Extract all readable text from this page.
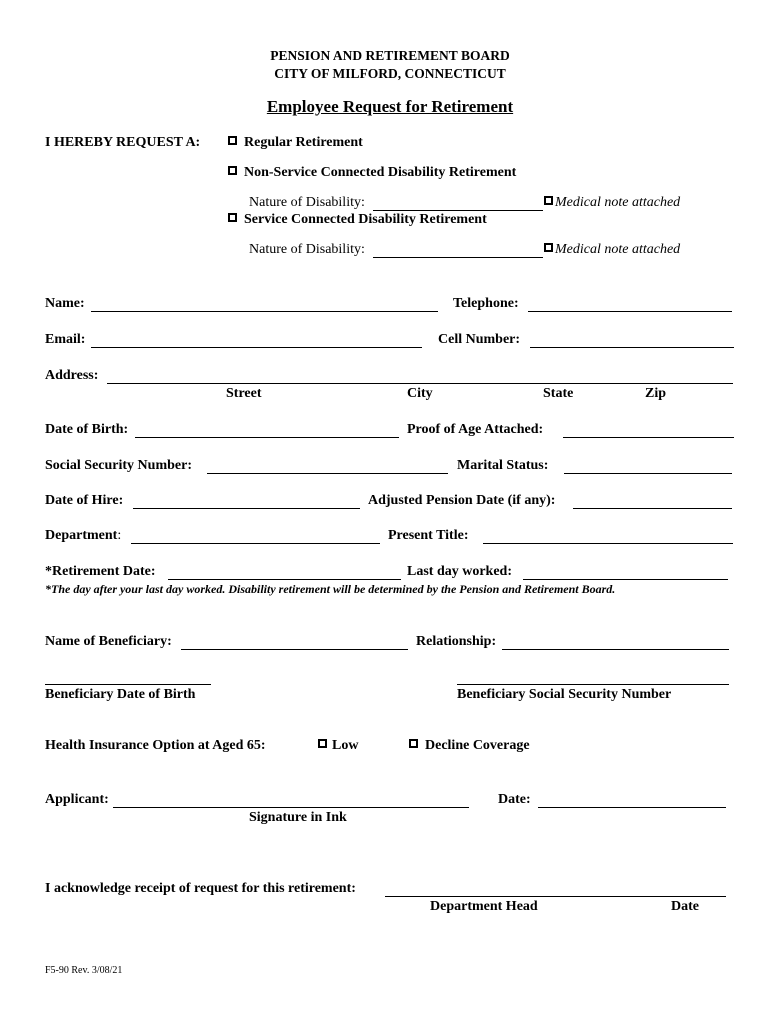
PENSION AND RETIREMENT BOARD
CITY OF MILFORD, CONNECTICUT
Employee Request for Retirement
I HEREBY REQUEST A:	Regular Retirement
Non-Service Connected Disability Retirement
Nature of Disability:	Medical note attached
Service Connected Disability Retirement
Nature of Disability:	Medical note attached
Name:	Telephone:
Email:	Cell Number:
Address:
Street	City	State	Zip
Date of Birth:	Proof of Age Attached:
Social Security Number:	Marital Status:
Date of Hire:	Adjusted Pension Date (if any):
Department:	Present Title:
*Retirement Date:	Last day worked:
*The day after your last day worked. Disability retirement will be determined by the Pension and Retirement Board.
Name of Beneficiary:	Relationship:
Beneficiary Date of Birth	Beneficiary Social Security Number
Health Insurance Option at Aged 65:	Low	Decline Coverage
Applicant:	Date:
Signature in Ink
I acknowledge receipt of request for this retirement:
Department Head	Date
F5-90 Rev. 3/08/21
